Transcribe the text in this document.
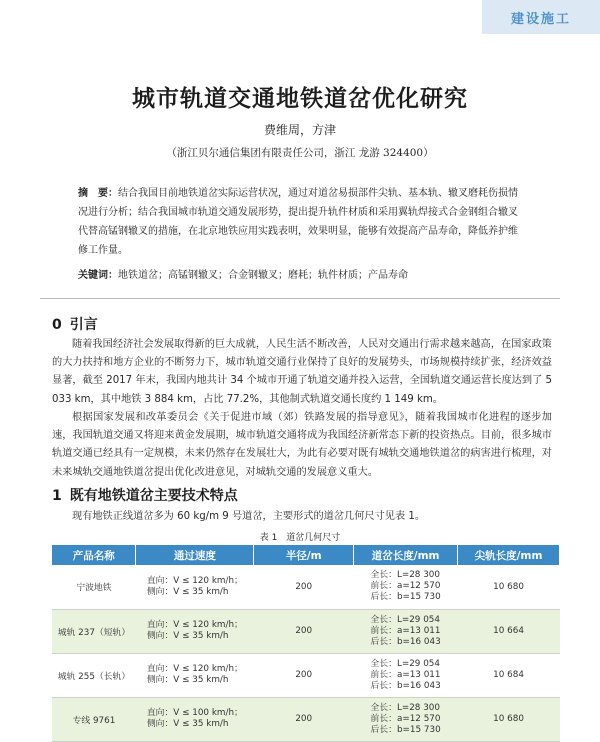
建设施工
城市轨道交通地铁道岔优化研究
费维周，方津
（浙江贝尔通信集团有限责任公司，浙江 龙游 324400）
摘　要：结合我国目前地铁道岔实际运营状况，通过对道岔易损部件尖轨、基本轨、辙叉磨耗伤损情况进行分析；结合我国城市轨道交通发展形势，提出提升轨件材质和采用翼轨焊接式合金钢组合辙叉代替高锰钢辙叉的措施，在北京地铁应用实践表明，效果明显，能够有效提高产品寿命，降低养护维修工作量。
关键词：地铁道岔；高锰钢辙叉；合金钢辙叉；磨耗；轨件材质；产品寿命
0 引言

随着我国经济社会发展取得新的巨大成就，人民生活不断改善，人民对交通出行需求越来越高，在国家政策的大力扶持和地方企业的不断努力下，城市轨道交通行业保持了良好的发展势头，市场规模持续扩张，经济效益显著，截至 2017 年末，我国内地共计 34 个城市开通了轨道交通并投入运营，全国轨道交通运营长度达到了 5 033 km，其中地铁 3 884 km，占比 77.2%，其他制式轨道交通长度约 1 149 km。

根据国家发展和改革委员会《关于促进市域（郊）铁路发展的指导意见》，随着我国城市化进程的逐步加速，我国轨道交通又将迎来黄金发展期，城市轨道交通将成为我国经济新常态下新的投资热点。目前，很多城市轨道交通已经具有一定规模，未来仍然存在发展壮大，为此有必要对既有城轨交通地铁道岔的病害进行梳理，对未来城轨交通地铁道岔提出优化改进意见，对城轨交通的发展意义重大。

1 既有地铁道岔主要技术特点

现有地铁正线道岔多为 60 kg/m 9 号道岔，主要形式的道岔几何尺寸见表 1。

表 1　道岔几何尺寸
产品名称	通过速度	半径/m	道岔长度/mm	尖轨长度/mm
宁波地铁	直向：V ≤ 120 km/h；
侧向：V ≤ 35 km/h	200	全长：L=28 300
前长：a=12 570
后长：b=15 730	10 680
城轨 237（短轨）	直向：V ≤ 120 km/h；
侧向：V ≤ 35 km/h	200	全长：L=29 054
前长：a=13 011
后长：b=16 043	10 664
城轨 255（长轨）	直向：V ≤ 120 km/h；
侧向：V ≤ 35 km/h	200	全长：L=29 054
前长：a=13 011
后长：b=16 043	10 684
专线 9761	直向：V ≤ 100 km/h；
侧向：V ≤ 35 km/h	200	全长：L=28 300
前长：a=12 570
后长：b=15 730	10 680
